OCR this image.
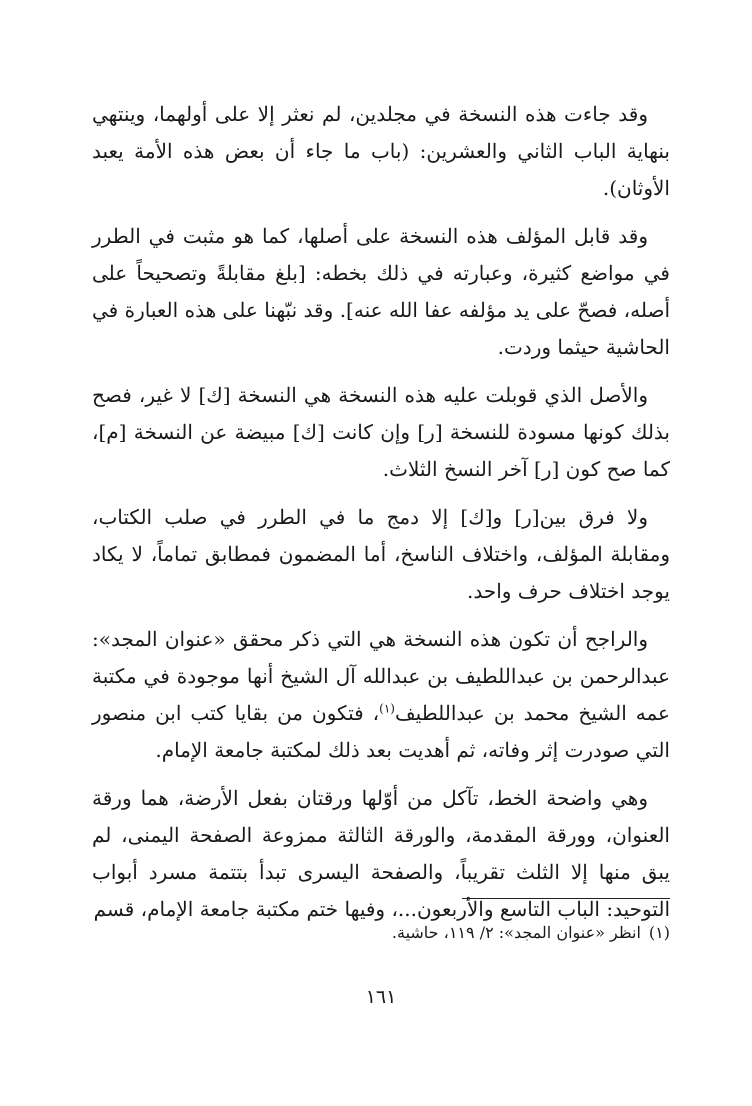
وقد جاءت هذه النسخة في مجلدين، لم نعثر إلا على أولهما، وينتهي بنهاية الباب الثاني والعشرين: (باب ما جاء أن بعض هذه الأمة يعبد الأوثان).

وقد قابل المؤلف هذه النسخة على أصلها، كما هو مثبت في الطرر في مواضع كثيرة، وعبارته في ذلك بخطه: [بلغ مقابلةً وتصحيحاً على أصله، فصحّ على يد مؤلفه عفا الله عنه]. وقد نبّهنا على هذه العبارة في الحاشية حيثما وردت.

والأصل الذي قوبلت عليه هذه النسخة هي النسخة [ك] لا غير، فصح بذلك كونها مسودة للنسخة [ر] وإن كانت [ك] مبيضة عن النسخة [م]، كما صح كون [ر] آخر النسخ الثلاث.

ولا فرق بين[ر] و[ك] إلا دمج ما في الطرر في صلب الكتاب، ومقابلة المؤلف، واختلاف الناسخ، أما المضمون فمطابق تماماً، لا يكاد يوجد اختلاف حرف واحد.

والراجح أن تكون هذه النسخة هي التي ذكر محقق «عنوان المجد»: عبدالرحمن بن عبداللطيف بن عبدالله آل الشيخ أنها موجودة في مكتبة عمه الشيخ محمد بن عبداللطيف$^{(١)}$، فتكون من بقايا كتب ابن منصور التي صودرت إثر وفاته، ثم أهديت بعد ذلك لمكتبة جامعة الإمام.

وهي واضحة الخط، تآكل من أوّلها ورقتان بفعل الأرضة، هما ورقة العنوان، وورقة المقدمة، والورقة الثالثة ممزوعة الصفحة اليمنى، لم يبق منها إلا الثلث تقريباً، والصفحة اليسرى تبدأ بتتمة مسرد أبواب التوحيد: الباب التاسع والأربعون...، وفيها ختم مكتبة جامعة الإمام، قسم

(١)انظر «عنوان المجد»: ٢/ ١١٩، حاشية.
١٦١
